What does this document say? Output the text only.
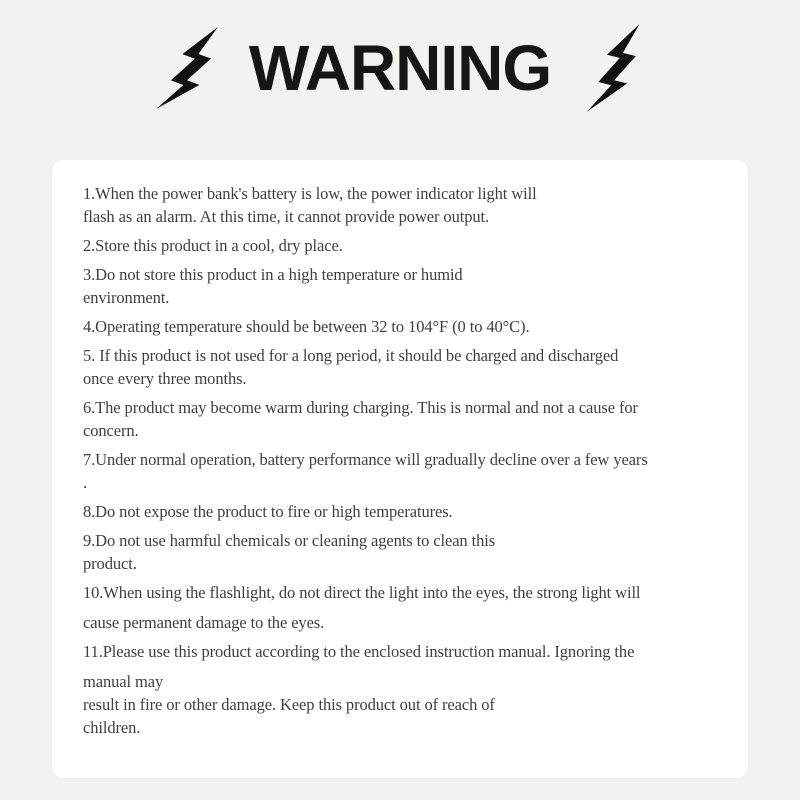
WARNING
1.When the power bank's battery is low, the power indicator light will
flash as an alarm. At this time, it cannot provide power output.
2.Store this product in a cool, dry place.
3.Do not store this product in a high temperature or humid
environment.
4.Operating temperature should be between 32 to 104°F (0 to 40°C).
5. If this product is not used for a long period, it should be charged and discharged
once every three months.
6.The product may become warm during charging. This is normal and not a cause for
concern.
7.Under normal operation, battery performance will gradually decline over a few years
.
8.Do not expose the product to fire or high temperatures.
9.Do not use harmful chemicals or cleaning agents to clean this
product.
10.When using the flashlight, do not direct the light into the eyes, the strong light will
cause permanent damage to the eyes.
11.Please use this product according to the enclosed instruction manual. Ignoring the
manual may
result in fire or other damage. Keep this product out of reach of
children.
